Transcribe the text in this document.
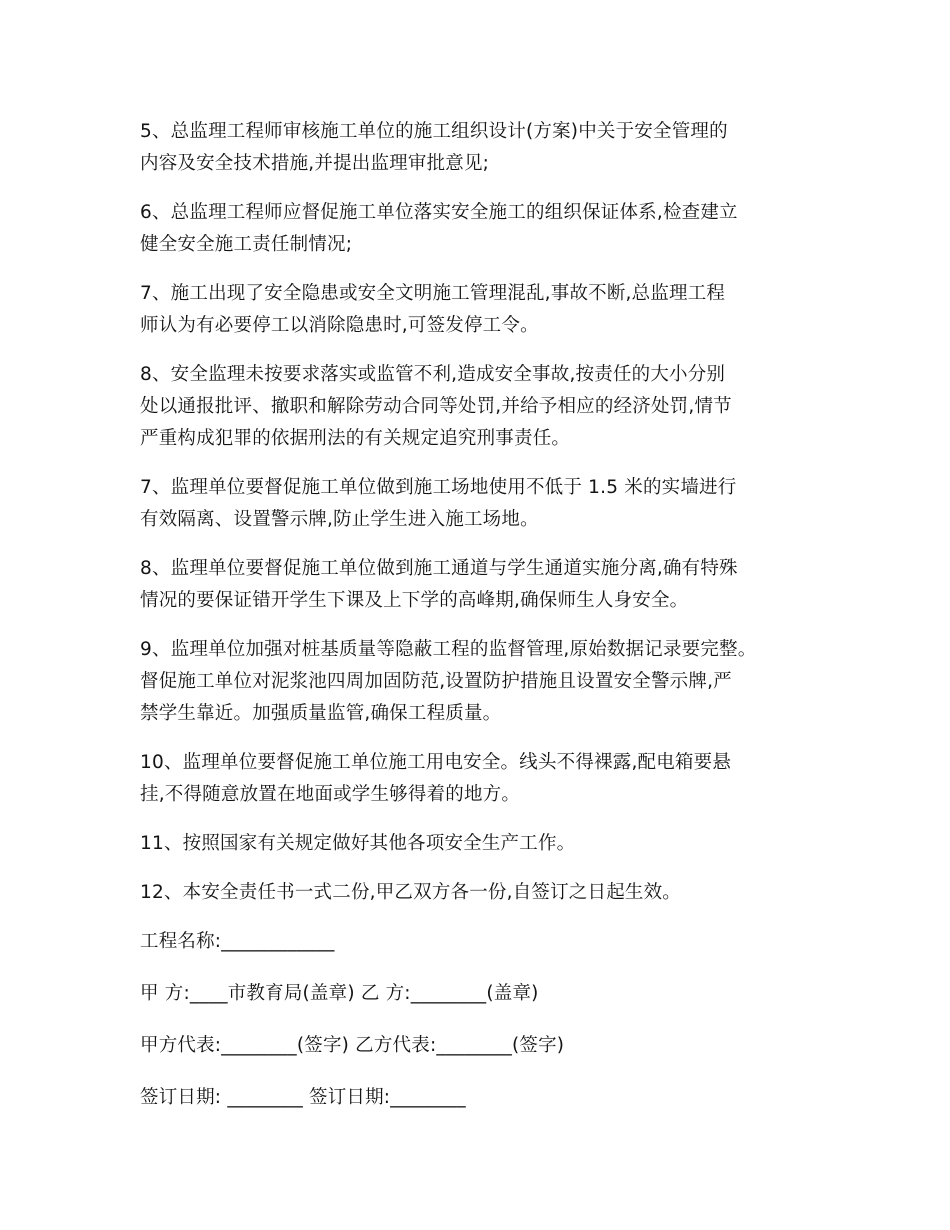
5、总监理工程师审核施工单位的施工组织设计(方案)中关于安全管理的
内容及安全技术措施,并提出监理审批意见;
6、总监理工程师应督促施工单位落实安全施工的组织保证体系,检查建立
健全安全施工责任制情况;
7、施工出现了安全隐患或安全文明施工管理混乱,事故不断,总监理工程
师认为有必要停工以消除隐患时,可签发停工令。
8、安全监理未按要求落实或监管不利,造成安全事故,按责任的大小分别
处以通报批评、撤职和解除劳动合同等处罚,并给予相应的经济处罚,情节
严重构成犯罪的依据刑法的有关规定追究刑事责任。
7、监理单位要督促施工单位做到施工场地使用不低于 1.5 米的实墙进行
有效隔离、设置警示牌,防止学生进入施工场地。
8、监理单位要督促施工单位做到施工通道与学生通道实施分离,确有特殊
情况的要保证错开学生下课及上下学的高峰期,确保师生人身安全。
9、监理单位加强对桩基质量等隐蔽工程的监督管理,原始数据记录要完整。
督促施工单位对泥浆池四周加固防范,设置防护措施且设置安全警示牌,严
禁学生靠近。加强质量监管,确保工程质量。
10、监理单位要督促施工单位施工用电安全。线头不得裸露,配电箱要悬
挂,不得随意放置在地面或学生够得着的地方。
11、按照国家有关规定做好其他各项安全生产工作。
12、本安全责任书一式二份,甲乙双方各一份,自签订之日起生效。
工程名称:____________
甲 方:____市教育局(盖章) 乙 方:________(盖章)
甲方代表:________(签字) 乙方代表:________(签字)
签订日期: ________ 签订日期:________
